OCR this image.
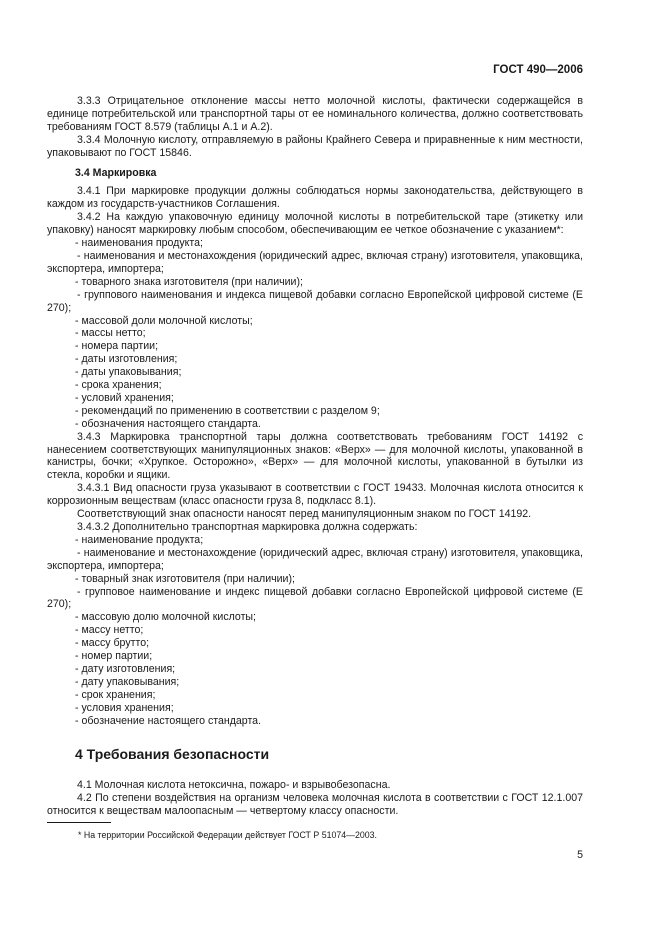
ГОСТ 490—2006

3.3.3 Отрицательное отклонение массы нетто молочной кислоты, фактически содержащейся в единице потребительской или транспортной тары от ее номинального количества, должно соответствовать требованиям ГОСТ 8.579 (таблицы А.1 и А.2).

3.3.4 Молочную кислоту, отправляемую в районы Крайнего Севера и приравненные к ним местности, упаковывают по ГОСТ 15846.

3.4 Маркировка

3.4.1 При маркировке продукции должны соблюдаться нормы законодательства, действующего в каждом из государств-участников Соглашения.

3.4.2 На каждую упаковочную единицу молочной кислоты в потребительской таре (этикетку или упаковку) наносят маркировку любым способом, обеспечивающим ее четкое обозначение с указанием*:

- наименования продукта;

- наименования и местонахождения (юридический адрес, включая страну) изготовителя, упаковщика, экспортера, импортера;

- товарного знака изготовителя (при наличии);

- группового наименования и индекса пищевой добавки согласно Европейской цифровой системе (Е 270);

- массовой доли молочной кислоты;

- массы нетто;

- номера партии;

- даты изготовления;

- даты упаковывания;

- срока хранения;

- условий хранения;

- рекомендаций по применению в соответствии с разделом 9;

- обозначения настоящего стандарта.

3.4.3 Маркировка транспортной тары должна соответствовать требованиям ГОСТ 14192 с нанесением соответствующих манипуляционных знаков: «Верх» — для молочной кислоты, упакованной в канистры, бочки; «Хрупкое. Осторожно», «Верх» — для молочной кислоты, упакованной в бутылки из стекла, коробки и ящики.

3.4.3.1 Вид опасности груза указывают в соответствии с ГОСТ 19433. Молочная кислота относится к коррозионным веществам (класс опасности груза 8, подкласс 8.1).

Соответствующий знак опасности наносят перед манипуляционным знаком по ГОСТ 14192.

3.4.3.2 Дополнительно транспортная маркировка должна содержать:

- наименование продукта;

- наименование и местонахождение (юридический адрес, включая страну) изготовителя, упаковщика, экспортера, импортера;

- товарный знак изготовителя (при наличии);

- групповое наименование и индекс пищевой добавки согласно Европейской цифровой системе (Е 270);

- массовую долю молочной кислоты;

- массу нетто;

- массу брутто;

- номер партии;

- дату изготовления;

- дату упаковывания;

- срок хранения;

- условия хранения;

- обозначение настоящего стандарта.

4 Требования безопасности

4.1 Молочная кислота нетоксична, пожаро- и взрывобезопасна.

4.2 По степени воздействия на организм человека молочная кислота в соответствии с ГОСТ 12.1.007 относится к веществам малоопасным — четвертому классу опасности.

* На территории Российской Федерации действует ГОСТ Р 51074—2003.
5
